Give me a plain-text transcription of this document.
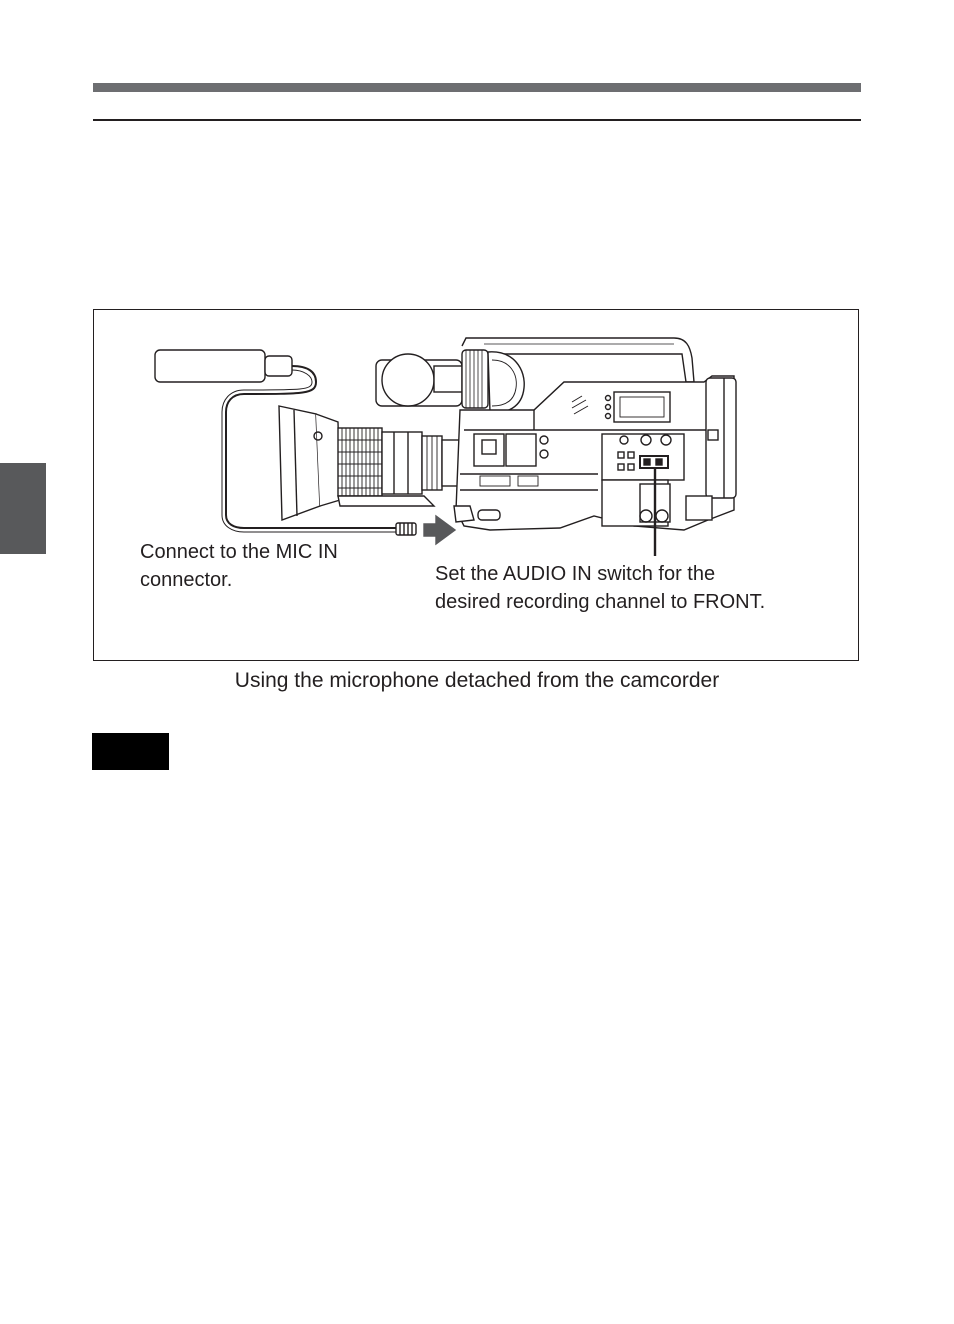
Connect to the MIC IN
connector.	Set the AUDIO IN switch for the
desired recording channel to FRONT.
Using the microphone detached from the camcorder
